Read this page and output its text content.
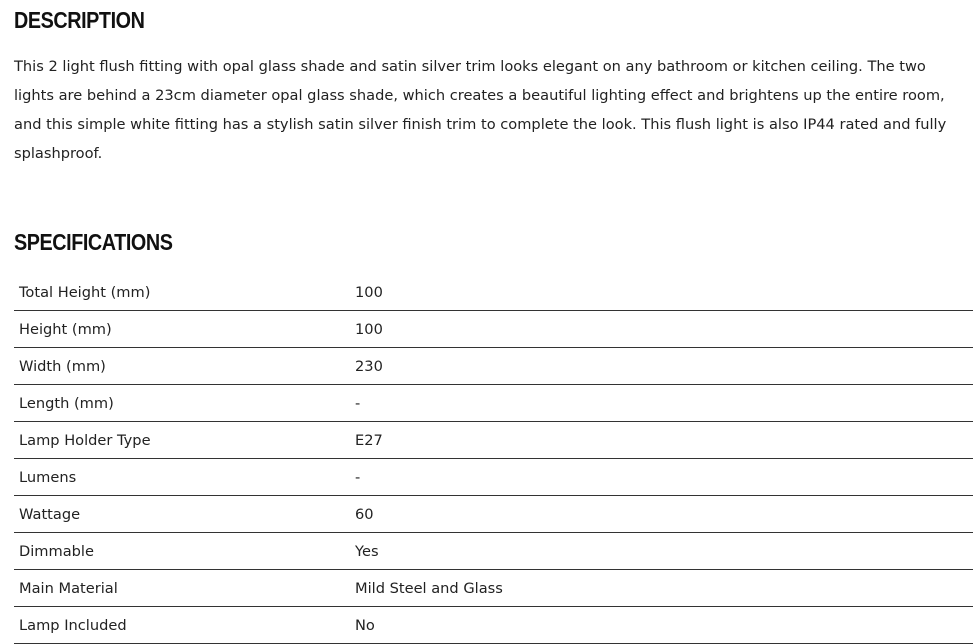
DESCRIPTION

This 2 light flush fitting with opal glass shade and satin silver trim looks elegant on any bathroom or kitchen ceiling. The two lights are behind a 23cm diameter opal glass shade, which creates a beautiful lighting effect and brightens up the entire room, and this simple white fitting has a stylish satin silver finish trim to complete the look. This flush light is also IP44 rated and fully splashproof.

SPECIFICATIONS
Total Height (mm)	100
Height (mm)	100
Width (mm)	230
Length (mm)	-
Lamp Holder Type	E27
Lumens	-
Wattage	60
Dimmable	Yes
Main Material	Mild Steel and Glass
Lamp Included	No
